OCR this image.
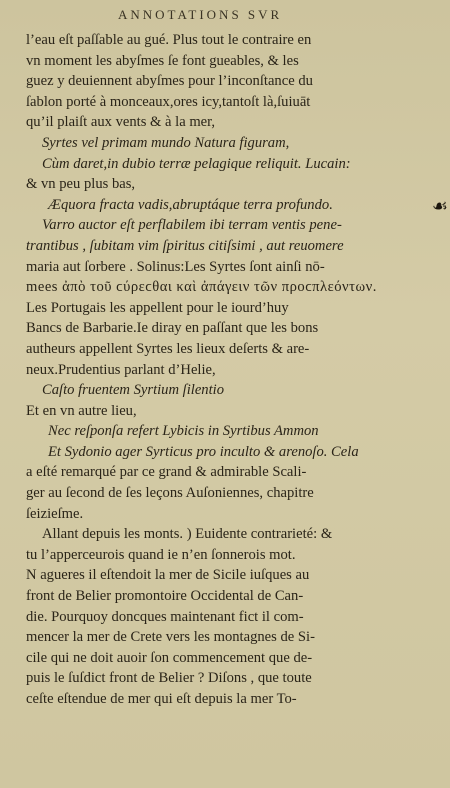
ANNOTATIONS SVR
l’eau eſt paſſable au gué. Plus tout le contraire en
vn moment les abyſmes ſe font gueables, & les
guez y deuiennent abyſmes pour l’inconſtance du
ſablon porté à monceaux,ores icy,tantoſt là,ſuiuāt
qu’il plaiſt aux vents & à la mer,
Syrtes vel primam mundo Natura figuram,
Cùm daret,in dubio terræ pelagique reliquit. Lucain:
& vn peu plus bas,
Æquora fracta vadis,abruptáque terra profundo.
Varro auctor eſt perflabilem ibi terram ventis pene-
trantibus , ſubitam vim ſpiritus citiſsimi , aut reuomere
maria aut ſorbere . Solinus:Les Syrtes ſont ainſi nō-
mees ἀπὸ τοῦ ϲύρεϲθαι καὶ ἀπάγειν τῶν προϲπλεόντων.
Les Portugais les appellent pour le iourd’huy
Bancs de Barbarie.Ie diray en paſſant que les bons
autheurs appellent Syrtes les lieux deſerts & are-
neux.Prudentius parlant d’Helie,
Caſto fruentem Syrtium ſilentio
Et en vn autre lieu,
Nec reſponſa refert Lybicis in Syrtibus Ammon
Et Sydonio ager Syrticus pro inculto & arenoſo. Cela
a eſté remarqué par ce grand & admirable Scali-
ger au ſecond de ſes leçons Auſoniennes, chapitre
ſeizieſme.
Allant depuis les monts. ) Euidente contrarieté: &
tu l’apperceurois quand ie n’en ſonnerois mot.
N agueres il eſtendoit la mer de Sicile iuſques au
front de Belier promontoire Occidental de Can-
die. Pourquoy doncques maintenant fict il com-
mencer la mer de Crete vers les montagnes de Si-
cile qui ne doit auoir ſon commencement que de-
puis le ſuſdict front de Belier ? Diſons , que toute
ceſte eſtendue de mer qui eſt depuis la mer To-
☙
